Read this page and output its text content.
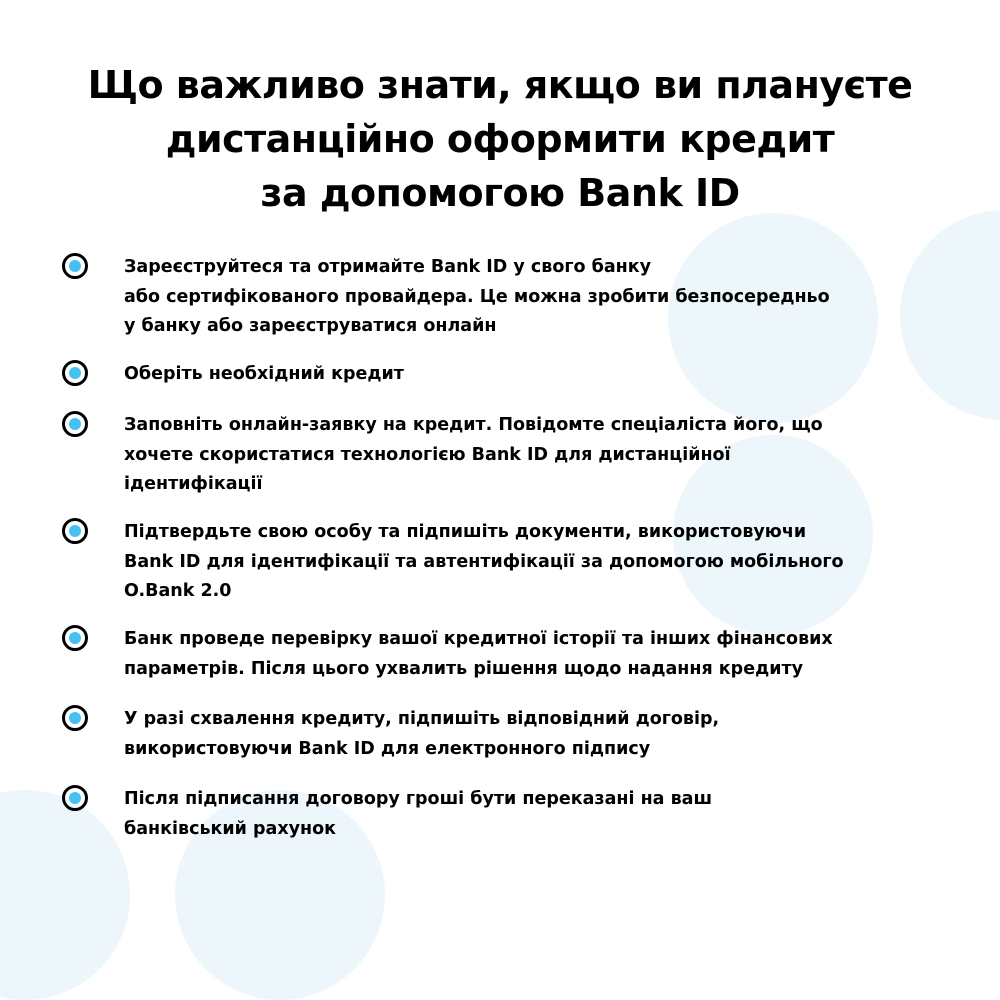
Що важливо знати, якщо ви плануєте
дистанційно оформити кредит
за допомогою Bank ID
Зареєструйтеся та отримайте Bank ID у свого банку
або сертифікованого провайдера. Це можна зробити безпосередньо
у банку або зареєструватися онлайн
Оберіть необхідний кредит
Заповніть онлайн-заявку на кредит. Повідомте спеціаліста його, що
хочете скористатися технологією Bank ID для дистанційної
ідентифікації
Підтвердьте свою особу та підпишіть документи, використовуючи
Bank ID для ідентифікації та автентифікації за допомогою мобільного
O.Bank 2.0
Банк проведе перевірку вашої кредитної історії та інших фінансових
параметрів. Після цього ухвалить рішення щодо надання кредиту
У разі схвалення кредиту, підпишіть відповідний договір,
використовуючи Bank ID для електронного підпису
Після підписання договору гроші бути переказані на ваш
банківський рахунок
